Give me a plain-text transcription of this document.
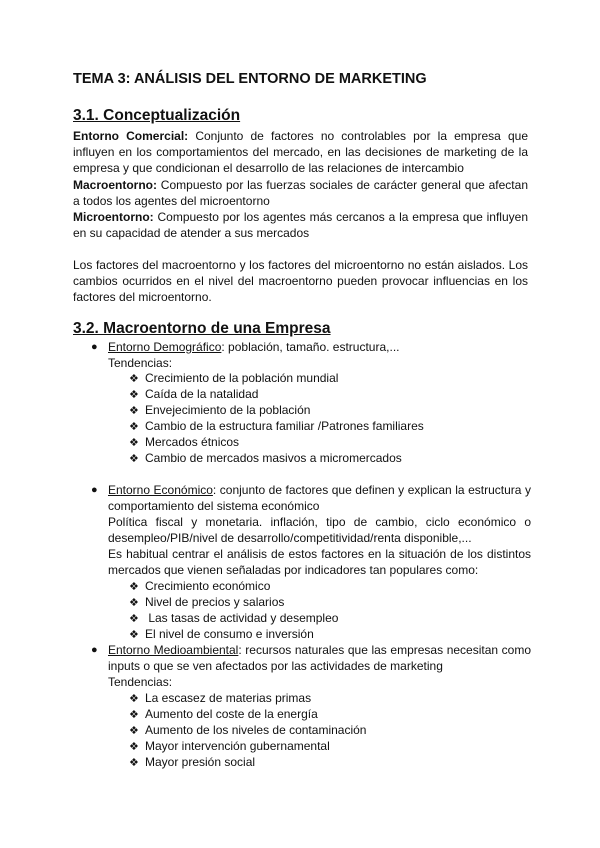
TEMA 3: ANÁLISIS DEL ENTORNO DE MARKETING
3.1. Conceptualización

Entorno Comercial: Conjunto de factores no controlables por la empresa que influyen en los comportamientos del mercado, en las decisiones de marketing de la empresa y que condicionan el desarrollo de las relaciones de intercambio

Macroentorno: Compuesto por las fuerzas sociales de carácter general que afectan a todos los agentes del microentorno

Microentorno: Compuesto por los agentes más cercanos a la empresa que influyen en su capacidad de atender a sus mercados

Los factores del macroentorno y los factores del microentorno no están aislados. Los cambios ocurridos en el nivel del macroentorno pueden provocar influencias en los factores del microentorno.

3.2. Macroentorno de una Empresa
● Entorno Demográfico: población, tamaño. estructura,...
Tendencias:
❖ Crecimiento de la población mundial
❖ Caída de la natalidad
❖ Envejecimiento de la población
❖ Cambio de la estructura familiar /Patrones familiares
❖ Mercados étnicos
❖ Cambio de mercados masivos a micromercados
● Entorno Económico: conjunto de factores que definen y explican la estructura y comportamiento del sistema económico
Política fiscal y monetaria. inflación, tipo de cambio, ciclo económico o desempleo/PIB/nivel de desarrollo/competitividad/renta disponible,...
Es habitual centrar el análisis de estos factores en la situación de los distintos mercados que vienen señaladas por indicadores tan populares como:
❖ Crecimiento económico
❖ Nivel de precios y salarios
❖ Las tasas de actividad y desempleo
❖ El nivel de consumo e inversión
● Entorno Medioambiental: recursos naturales que las empresas necesitan como inputs o que se ven afectados por las actividades de marketing
Tendencias:
❖ La escasez de materias primas
❖ Aumento del coste de la energía
❖ Aumento de los niveles de contaminación
❖ Mayor intervención gubernamental
❖ Mayor presión social
